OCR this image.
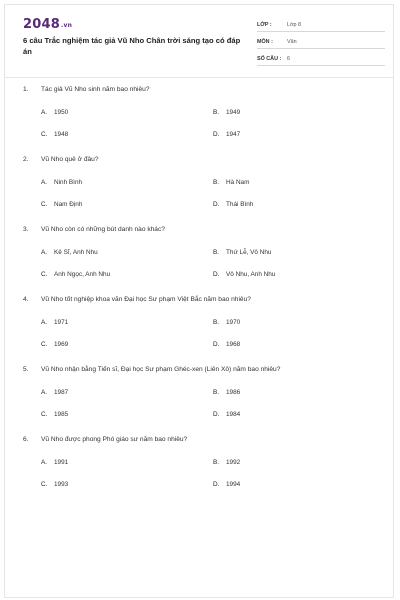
2048.vn
6 câu Trắc nghiệm tác giả Vũ Nho Chân trời sáng tạo có đáp án
LỚP :	Lớp 8
MÔN :	Văn
SỐ CÂU :	6
1. Tác giả Vũ Nho sinh năm bao nhiêu?
A. 1950	B. 1949
C. 1948	D. 1947
2. Vũ Nho quê ở đâu?
A. Ninh Bình	B. Hà Nam
C. Nam Định	D. Thái Bình
3. Vũ Nho còn có những bút danh nào khác?
A. Kẻ Sĩ, Anh Nhu	B. Thứ Lễ, Vô Nhu
C. Anh Ngọc, Anh Nhu	D. Vô Nhu, Anh Nhu
4. Vũ Nho tốt nghiệp khoa văn Đại học Sư phạm Việt Bắc năm bao nhiêu?
A. 1971	B. 1970
C. 1969	D. 1968
5. Vũ Nho nhận bằng Tiến sĩ, Đại học Sư phạm Ghéc-xen (Liên Xô) năm bao nhiêu?
A. 1987	B. 1986
C. 1985	D. 1984
6. Vũ Nho được phong Phó giáo sư năm bao nhiêu?
A. 1991	B. 1992
C. 1993	D. 1994
